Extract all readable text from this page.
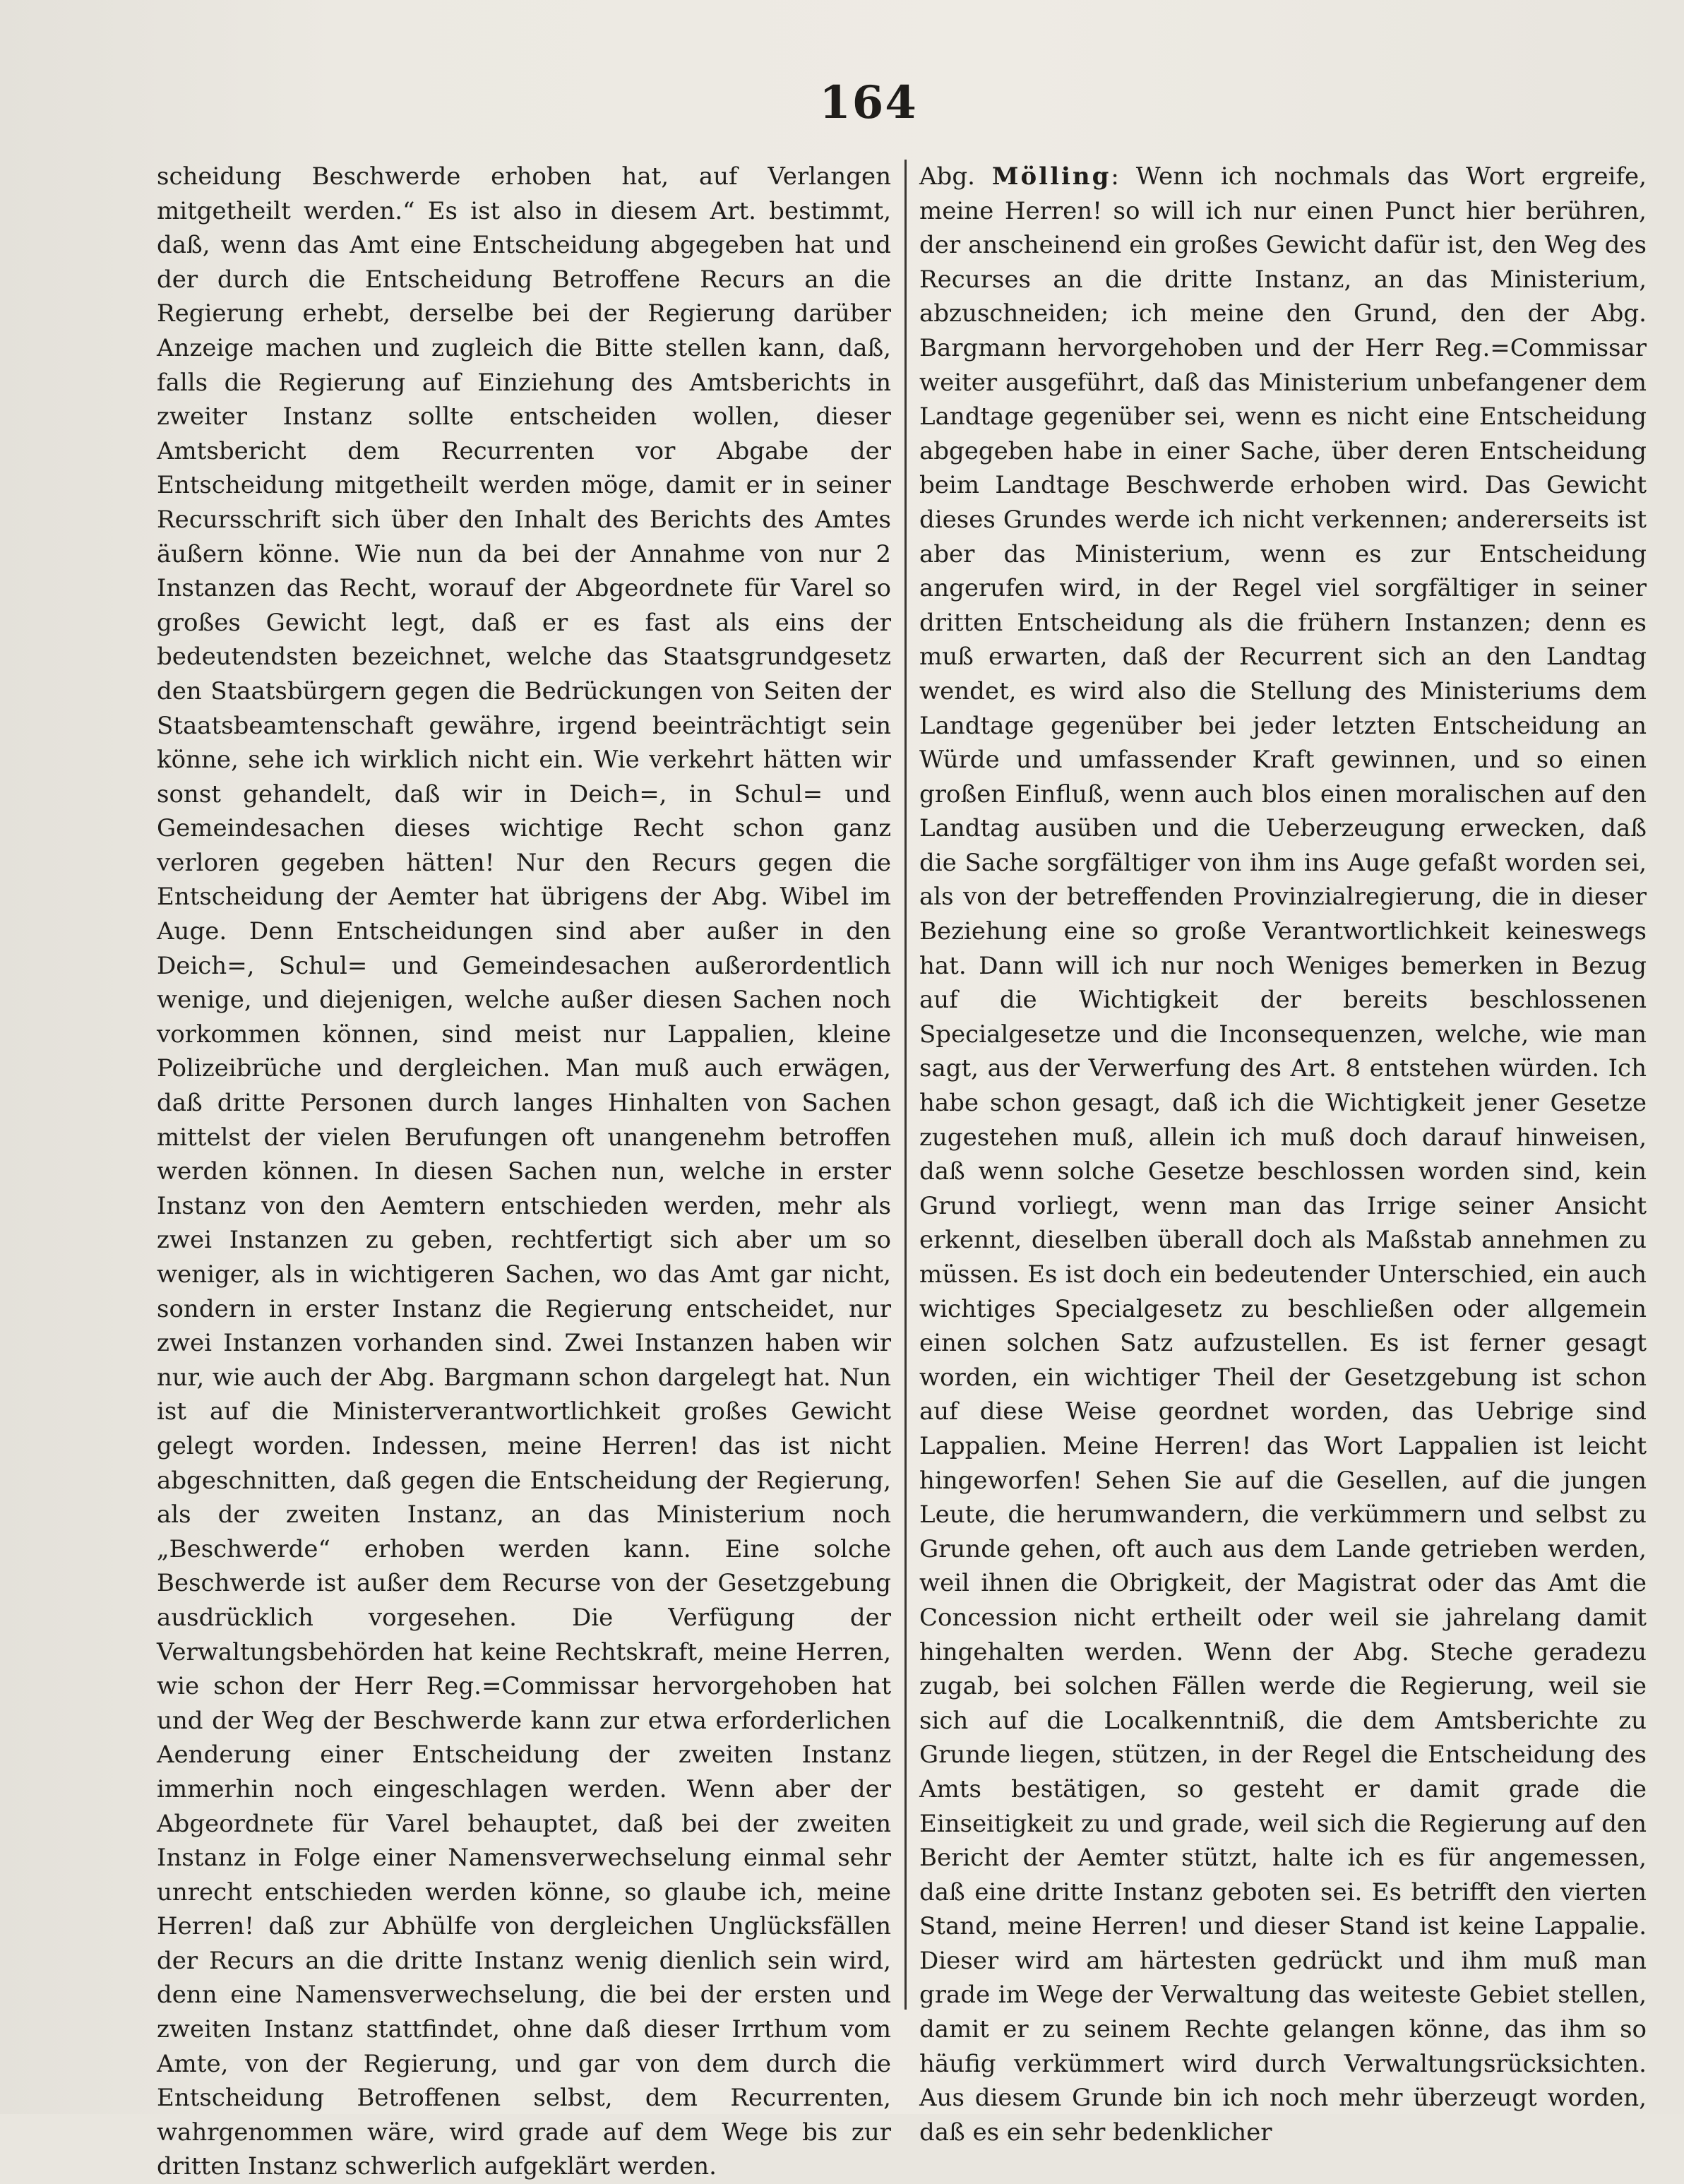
164

scheidung Beschwerde erhoben hat, auf Verlangen mitgetheilt werden.“ Es ist also in diesem Art. bestimmt, daß, wenn das Amt eine Entscheidung abgegeben hat und der durch die Entscheidung Betroffene Recurs an die Regierung erhebt, derselbe bei der Regierung darüber Anzeige machen und zugleich die Bitte stellen kann, daß, falls die Regierung auf Einziehung des Amtsberichts in zweiter Instanz sollte entscheiden wollen, dieser Amtsbericht dem Recurrenten vor Abgabe der Entscheidung mitgetheilt werden möge, damit er in seiner Recursschrift sich über den Inhalt des Berichts des Amtes äußern könne. Wie nun da bei der Annahme von nur 2 Instanzen das Recht, worauf der Abgeordnete für Varel so großes Gewicht legt, daß er es fast als eins der bedeutendsten bezeichnet, welche das Staatsgrundgesetz den Staatsbürgern gegen die Bedrückungen von Seiten der Staatsbeamtenschaft gewähre, irgend beeinträchtigt sein könne, sehe ich wirklich nicht ein. Wie verkehrt hätten wir sonst gehandelt, daß wir in Deich=, in Schul= und Gemeindesachen dieses wichtige Recht schon ganz verloren gegeben hätten! Nur den Recurs gegen die Entscheidung der Aemter hat übrigens der Abg. Wibel im Auge. Denn Entscheidungen sind aber außer in den Deich=, Schul= und Gemeindesachen außerordentlich wenige, und diejenigen, welche außer diesen Sachen noch vorkommen können, sind meist nur Lappalien, kleine Polizeibrüche und dergleichen. Man muß auch erwägen, daß dritte Personen durch langes Hinhalten von Sachen mittelst der vielen Berufungen oft unangenehm betroffen werden können. In diesen Sachen nun, welche in erster Instanz von den Aemtern entschieden werden, mehr als zwei Instanzen zu geben, rechtfertigt sich aber um so weniger, als in wichtigeren Sachen, wo das Amt gar nicht, sondern in erster Instanz die Regierung entscheidet, nur zwei Instanzen vorhanden sind. Zwei Instanzen haben wir nur, wie auch der Abg. Bargmann schon dargelegt hat. Nun ist auf die Ministerverantwortlichkeit großes Gewicht gelegt worden. Indessen, meine Herren! das ist nicht abgeschnitten, daß gegen die Entscheidung der Regierung, als der zweiten Instanz, an das Ministerium noch „Beschwerde“ erhoben werden kann. Eine solche Beschwerde ist außer dem Recurse von der Gesetzgebung ausdrücklich vorgesehen. Die Verfügung der Verwaltungsbehörden hat keine Rechtskraft, meine Herren, wie schon der Herr Reg.=Commissar hervorgehoben hat und der Weg der Beschwerde kann zur etwa erforderlichen Aenderung einer Entscheidung der zweiten Instanz immerhin noch eingeschlagen werden. Wenn aber der Abgeordnete für Varel behauptet, daß bei der zweiten Instanz in Folge einer Namensverwechselung einmal sehr unrecht entschieden werden könne, so glaube ich, meine Herren! daß zur Abhülfe von dergleichen Unglücksfällen der Recurs an die dritte Instanz wenig dienlich sein wird, denn eine Namensverwechselung, die bei der ersten und zweiten Instanz stattfindet, ohne daß dieser Irrthum vom Amte, von der Regierung, und gar von dem durch die Entscheidung Betroffenen selbst, dem Recurrenten, wahrgenommen wäre, wird grade auf dem Wege bis zur dritten Instanz schwerlich aufgeklärt werden.

Abg. Mölling: Wenn ich nochmals das Wort ergreife, meine Herren! so will ich nur einen Punct hier berühren, der anscheinend ein großes Gewicht dafür ist, den Weg des Recurses an die dritte Instanz, an das Ministerium, abzuschneiden; ich meine den Grund, den der Abg. Bargmann hervorgehoben und der Herr Reg.=Commissar weiter ausgeführt, daß das Ministerium unbefangener dem Landtage gegenüber sei, wenn es nicht eine Entscheidung abgegeben habe in einer Sache, über deren Entscheidung beim Landtage Beschwerde erhoben wird. Das Gewicht dieses Grundes werde ich nicht verkennen; andererseits ist aber das Ministerium, wenn es zur Entscheidung angerufen wird, in der Regel viel sorgfältiger in seiner dritten Entscheidung als die frühern Instanzen; denn es muß erwarten, daß der Recurrent sich an den Landtag wendet, es wird also die Stellung des Ministeriums dem Landtage gegenüber bei jeder letzten Entscheidung an Würde und umfassender Kraft gewinnen, und so einen großen Einfluß, wenn auch blos einen moralischen auf den Landtag ausüben und die Ueberzeugung erwecken, daß die Sache sorgfältiger von ihm ins Auge gefaßt worden sei, als von der betreffenden Provinzialregierung, die in dieser Beziehung eine so große Verantwortlichkeit keineswegs hat. Dann will ich nur noch Weniges bemerken in Bezug auf die Wichtigkeit der bereits beschlossenen Specialgesetze und die Inconsequenzen, welche, wie man sagt, aus der Verwerfung des Art. 8 entstehen würden. Ich habe schon gesagt, daß ich die Wichtigkeit jener Gesetze zugestehen muß, allein ich muß doch darauf hinweisen, daß wenn solche Gesetze beschlossen worden sind, kein Grund vorliegt, wenn man das Irrige seiner Ansicht erkennt, dieselben überall doch als Maßstab annehmen zu müssen. Es ist doch ein bedeutender Unterschied, ein auch wichtiges Specialgesetz zu beschließen oder allgemein einen solchen Satz aufzustellen. Es ist ferner gesagt worden, ein wichtiger Theil der Gesetzgebung ist schon auf diese Weise geordnet worden, das Uebrige sind Lappalien. Meine Herren! das Wort Lappalien ist leicht hingeworfen! Sehen Sie auf die Gesellen, auf die jungen Leute, die herumwandern, die verkümmern und selbst zu Grunde gehen, oft auch aus dem Lande getrieben werden, weil ihnen die Obrigkeit, der Magistrat oder das Amt die Concession nicht ertheilt oder weil sie jahrelang damit hingehalten werden. Wenn der Abg. Steche geradezu zugab, bei solchen Fällen werde die Regierung, weil sie sich auf die Localkenntniß, die dem Amtsberichte zu Grunde liegen, stützen, in der Regel die Entscheidung des Amts bestätigen, so gesteht er damit grade die Einseitigkeit zu und grade, weil sich die Regierung auf den Bericht der Aemter stützt, halte ich es für angemessen, daß eine dritte Instanz geboten sei. Es betrifft den vierten Stand, meine Herren! und dieser Stand ist keine Lappalie. Dieser wird am härtesten gedrückt und ihm muß man grade im Wege der Verwaltung das weiteste Gebiet stellen, damit er zu seinem Rechte gelangen könne, das ihm so häufig verkümmert wird durch Verwaltungsrücksichten. Aus diesem Grunde bin ich noch mehr überzeugt worden, daß es ein sehr bedenklicher
